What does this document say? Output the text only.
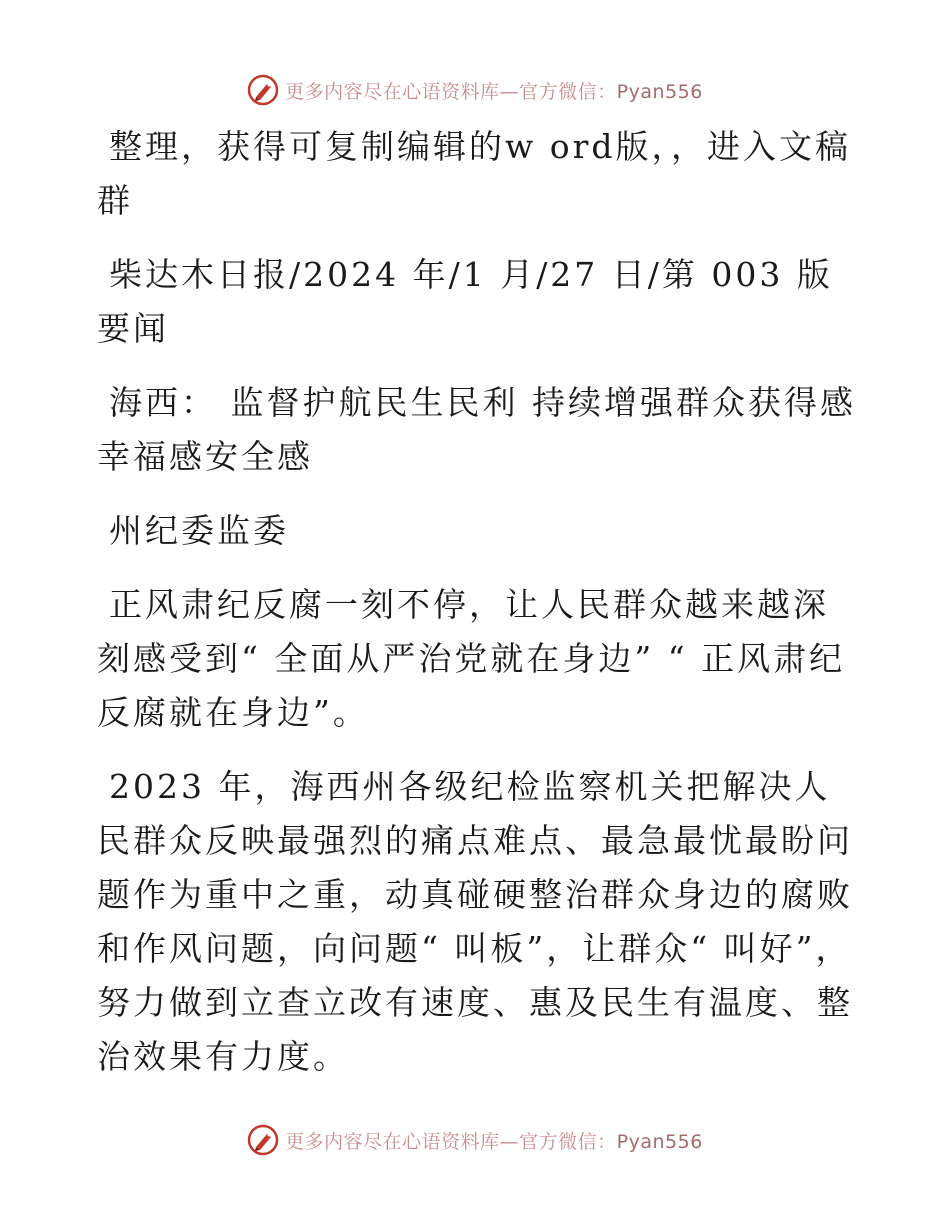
更多内容尽在心语资料库—官方微信：Pyan556

整理，获得可复制编辑的w ord版，，进入文稿群

柴达木日报/2024 年/1 月/27 日/第 003 版要闻

海西： 监督护航民生民利 持续增强群众获得感幸福感安全感

州纪委监委

正风肃纪反腐一刻不停，让人民群众越来越深刻感受到“ 全面从严治党就在身边” “ 正风肃纪反腐就在身边”。

2023 年，海西州各级纪检监察机关把解决人民群众反映最强烈的痛点难点、最急最忧最盼问题作为重中之重，动真碰硬整治群众身边的腐败和作风问题，向问题“ 叫板”，让群众“ 叫好”，努力做到立查立改有速度、惠及民生有温度、整治效果有力度。

更多内容尽在心语资料库—官方微信：Pyan556
